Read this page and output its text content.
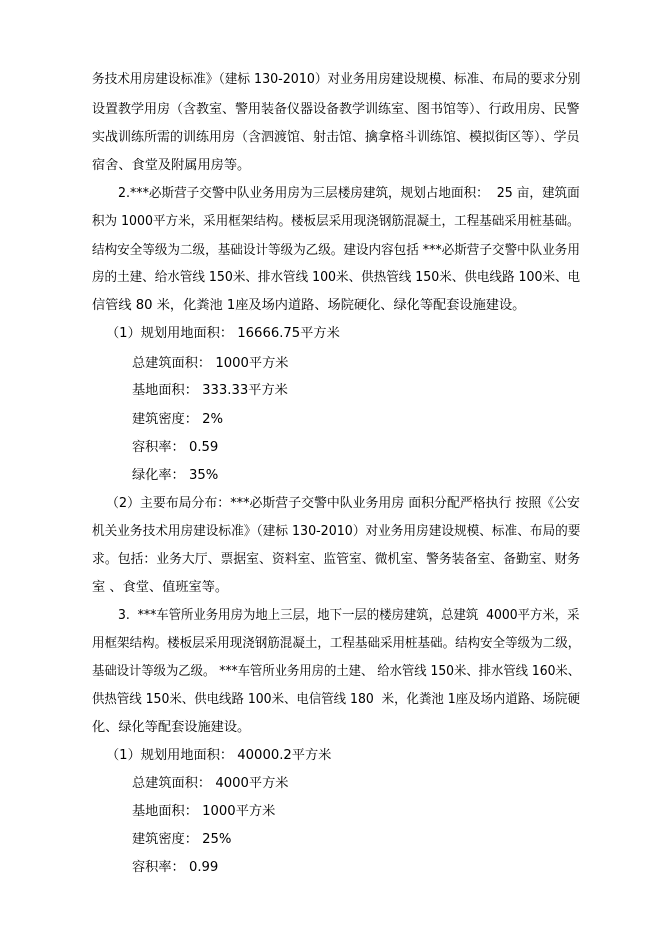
务技术用房建设标准》（建标 130-2010）对业务用房建设规模、标准、布局的要求分别
设置教学用房（含教室、警用装备仪器设备教学训练室、图书馆等）、行政用房、民警
实战训练所需的训练用房（含泗渡馆、射击馆、擒拿格斗训练馆、模拟街区等）、学员
宿舍、食堂及附属用房等。
2.***必斯营子交警中队业务用房为三层楼房建筑，规划占地面积：  25 亩，建筑面
积为 1000平方米，采用框架结构。楼板层采用现浇钢筋混凝土，工程基础采用桩基础。
结构安全等级为二级，基础设计等级为乙级。建设内容包括 ***必斯营子交警中队业务用
房的土建、给水管线 150米、排水管线 100米、供热管线 150米、供电线路 100米、电
信管线 80 米，化粪池 1座及场内道路、场院硬化、绿化等配套设施建设。
（1）规划用地面积： 16666.75平方米
总建筑面积： 1000平方米
基地面积： 333.33平方米
建筑密度： 2%
容积率： 0.59
绿化率： 35%
（2）主要布局分布：***必斯营子交警中队业务用房 面积分配严格执行 按照《公安
机关业务技术用房建设标准》（建标 130-2010）对业务用房建设规模、标准、布局的要
求。包括：业务大厅、票据室、资料室、监管室、微机室、警务装备室、备勤室、财务
室 、食堂、值班室等。
3.  ***车管所业务用房为地上三层，地下一层的楼房建筑，总建筑  4000平方米，采
用框架结构。楼板层采用现浇钢筋混凝土，工程基础采用桩基础。结构安全等级为二级，
基础设计等级为乙级。 ***车管所业务用房的土建、 给水管线 150米、排水管线 160米、
供热管线 150米、供电线路 100米、电信管线 180  米，化粪池 1座及场内道路、场院硬
化、绿化等配套设施建设。
（1）规划用地面积： 40000.2平方米
总建筑面积： 4000平方米
基地面积： 1000平方米
建筑密度： 25%
容积率： 0.99
